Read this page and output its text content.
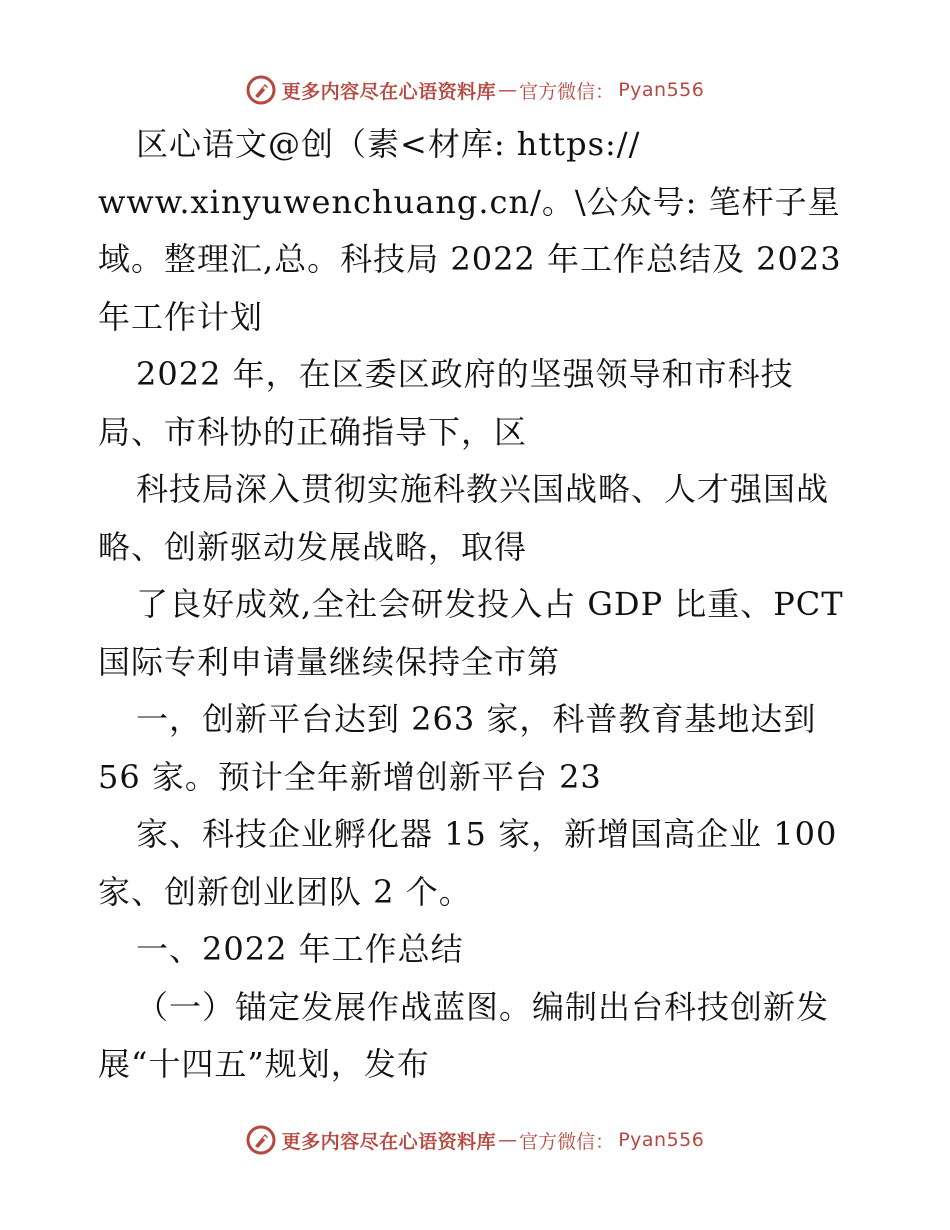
更多内容尽在心语资料库 — 官方微信： Pyan556
区心语文@创（素<材库: https://
www.xinyuwenchuang.cn/。\公众号: 笔杆子星
域。整理汇,总。科技局 2022 年工作总结及 2023
年工作计划
2022 年，在区委区政府的坚强领导和市科技
局、市科协的正确指导下，区
科技局深入贯彻实施科教兴国战略、人才强国战
略、创新驱动发展战略，取得
了良好成效,全社会研发投入占 GDP 比重、PCT
国际专利申请量继续保持全市第
一，创新平台达到 263 家，科普教育基地达到
56 家。预计全年新增创新平台 23
家、科技企业孵化器 15 家，新增国高企业 100
家、创新创业团队 2 个。
一、2022 年工作总结
（一）锚定发展作战蓝图。编制出台科技创新发
展“十四五”规划，发布
更多内容尽在心语资料库 — 官方微信： Pyan556
